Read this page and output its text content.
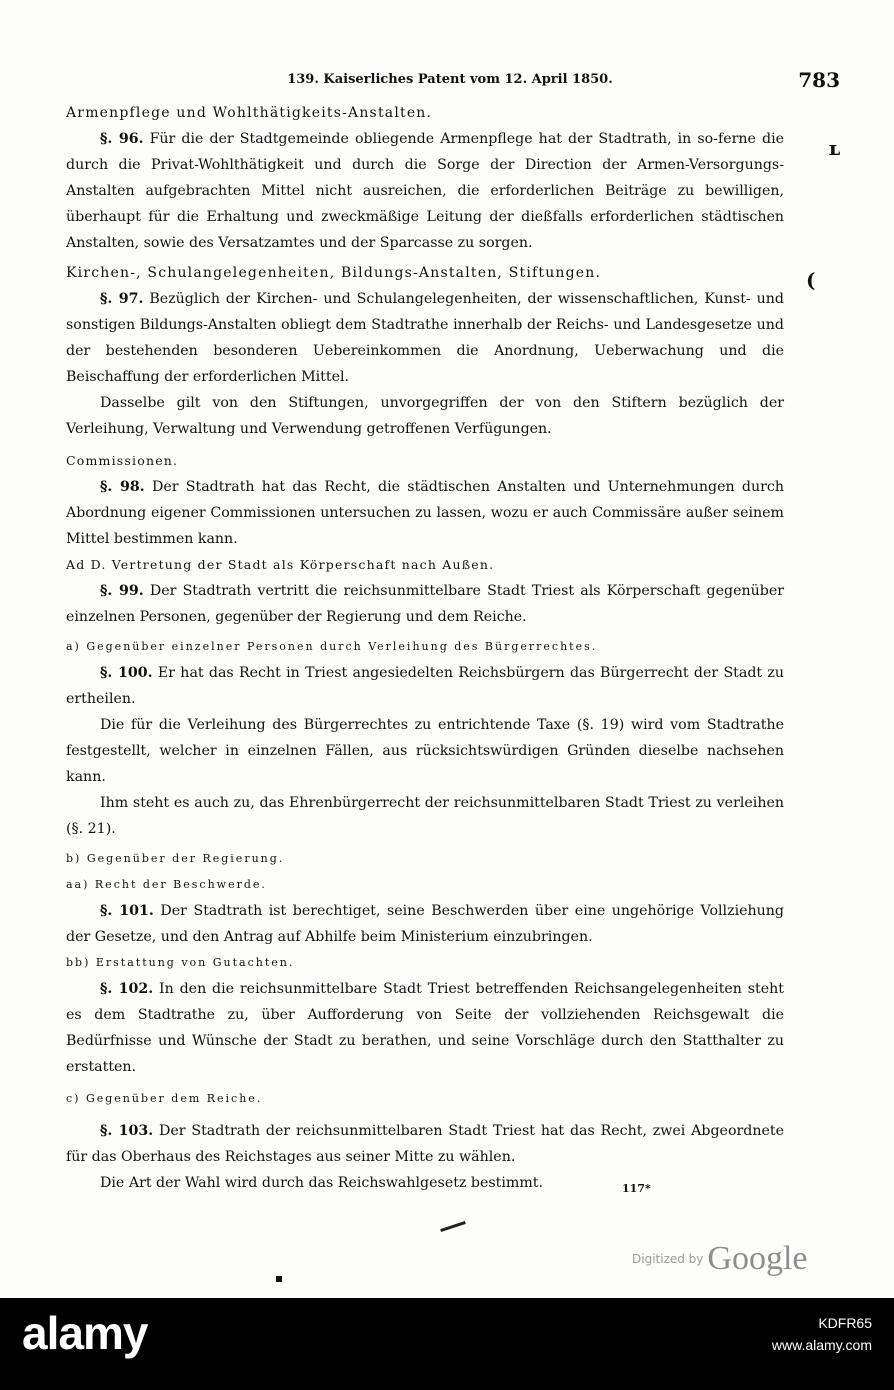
139. Kaiserliches Patent vom 12. April 1850.	783
ʟ
(

Armenpflege und Wohlthätigkeits-Anstalten.

§. 96. Für die der Stadtgemeinde obliegende Armenpflege hat der Stadtrath, in so-ferne die durch die Privat-Wohlthätigkeit und durch die Sorge der Direction der Armen-Versorgungs-Anstalten aufgebrachten Mittel nicht ausreichen, die erforderlichen Beiträge zu bewilligen, überhaupt für die Erhaltung und zweckmäßige Leitung der dießfalls erforderlichen städtischen Anstalten, sowie des Versatzamtes und der Sparcasse zu sorgen.

Kirchen-, Schulangelegenheiten, Bildungs-Anstalten, Stiftungen.

§. 97. Bezüglich der Kirchen- und Schulangelegenheiten, der wissenschaftlichen, Kunst- und sonstigen Bildungs-Anstalten obliegt dem Stadtrathe innerhalb der Reichs- und Landesgesetze und der bestehenden besonderen Uebereinkommen die Anordnung, Ueberwachung und die Beischaffung der erforderlichen Mittel.

Dasselbe gilt von den Stiftungen, unvorgegriffen der von den Stiftern bezüglich der Verleihung, Verwaltung und Verwendung getroffenen Verfügungen.

Commissionen.

§. 98. Der Stadtrath hat das Recht, die städtischen Anstalten und Unternehmungen durch Abordnung eigener Commissionen untersuchen zu lassen, wozu er auch Commissäre außer seinem Mittel bestimmen kann.

Ad D. Vertretung der Stadt als Körperschaft nach Außen.

§. 99. Der Stadtrath vertritt die reichsunmittelbare Stadt Triest als Körperschaft gegenüber einzelnen Personen, gegenüber der Regierung und dem Reiche.

a) Gegenüber einzelner Personen durch Verleihung des Bürgerrechtes.

§. 100. Er hat das Recht in Triest angesiedelten Reichsbürgern das Bürgerrecht der Stadt zu ertheilen.

Die für die Verleihung des Bürgerrechtes zu entrichtende Taxe (§. 19) wird vom Stadtrathe festgestellt, welcher in einzelnen Fällen, aus rücksichtswürdigen Gründen dieselbe nachsehen kann.

Ihm steht es auch zu, das Ehrenbürgerrecht der reichsunmittelbaren Stadt Triest zu verleihen (§. 21).

b) Gegenüber der Regierung.

aa) Recht der Beschwerde.

§. 101. Der Stadtrath ist berechtiget, seine Beschwerden über eine ungehörige Vollziehung der Gesetze, und den Antrag auf Abhilfe beim Ministerium einzubringen.

bb) Erstattung von Gutachten.

§. 102. In den die reichsunmittelbare Stadt Triest betreffenden Reichsangelegenheiten steht es dem Stadtrathe zu, über Aufforderung von Seite der vollziehenden Reichsgewalt die Bedürfnisse und Wünsche der Stadt zu berathen, und seine Vorschläge durch den Statthalter zu erstatten.

c) Gegenüber dem Reiche.

§. 103. Der Stadtrath der reichsunmittelbaren Stadt Triest hat das Recht, zwei Abgeordnete für das Oberhaus des Reichstages aus seiner Mitte zu wählen.

Die Art der Wahl wird durch das Reichswahlgesetz bestimmt.	117*
Digitized by Google
alamy	KDFR65
www.alamy.com
